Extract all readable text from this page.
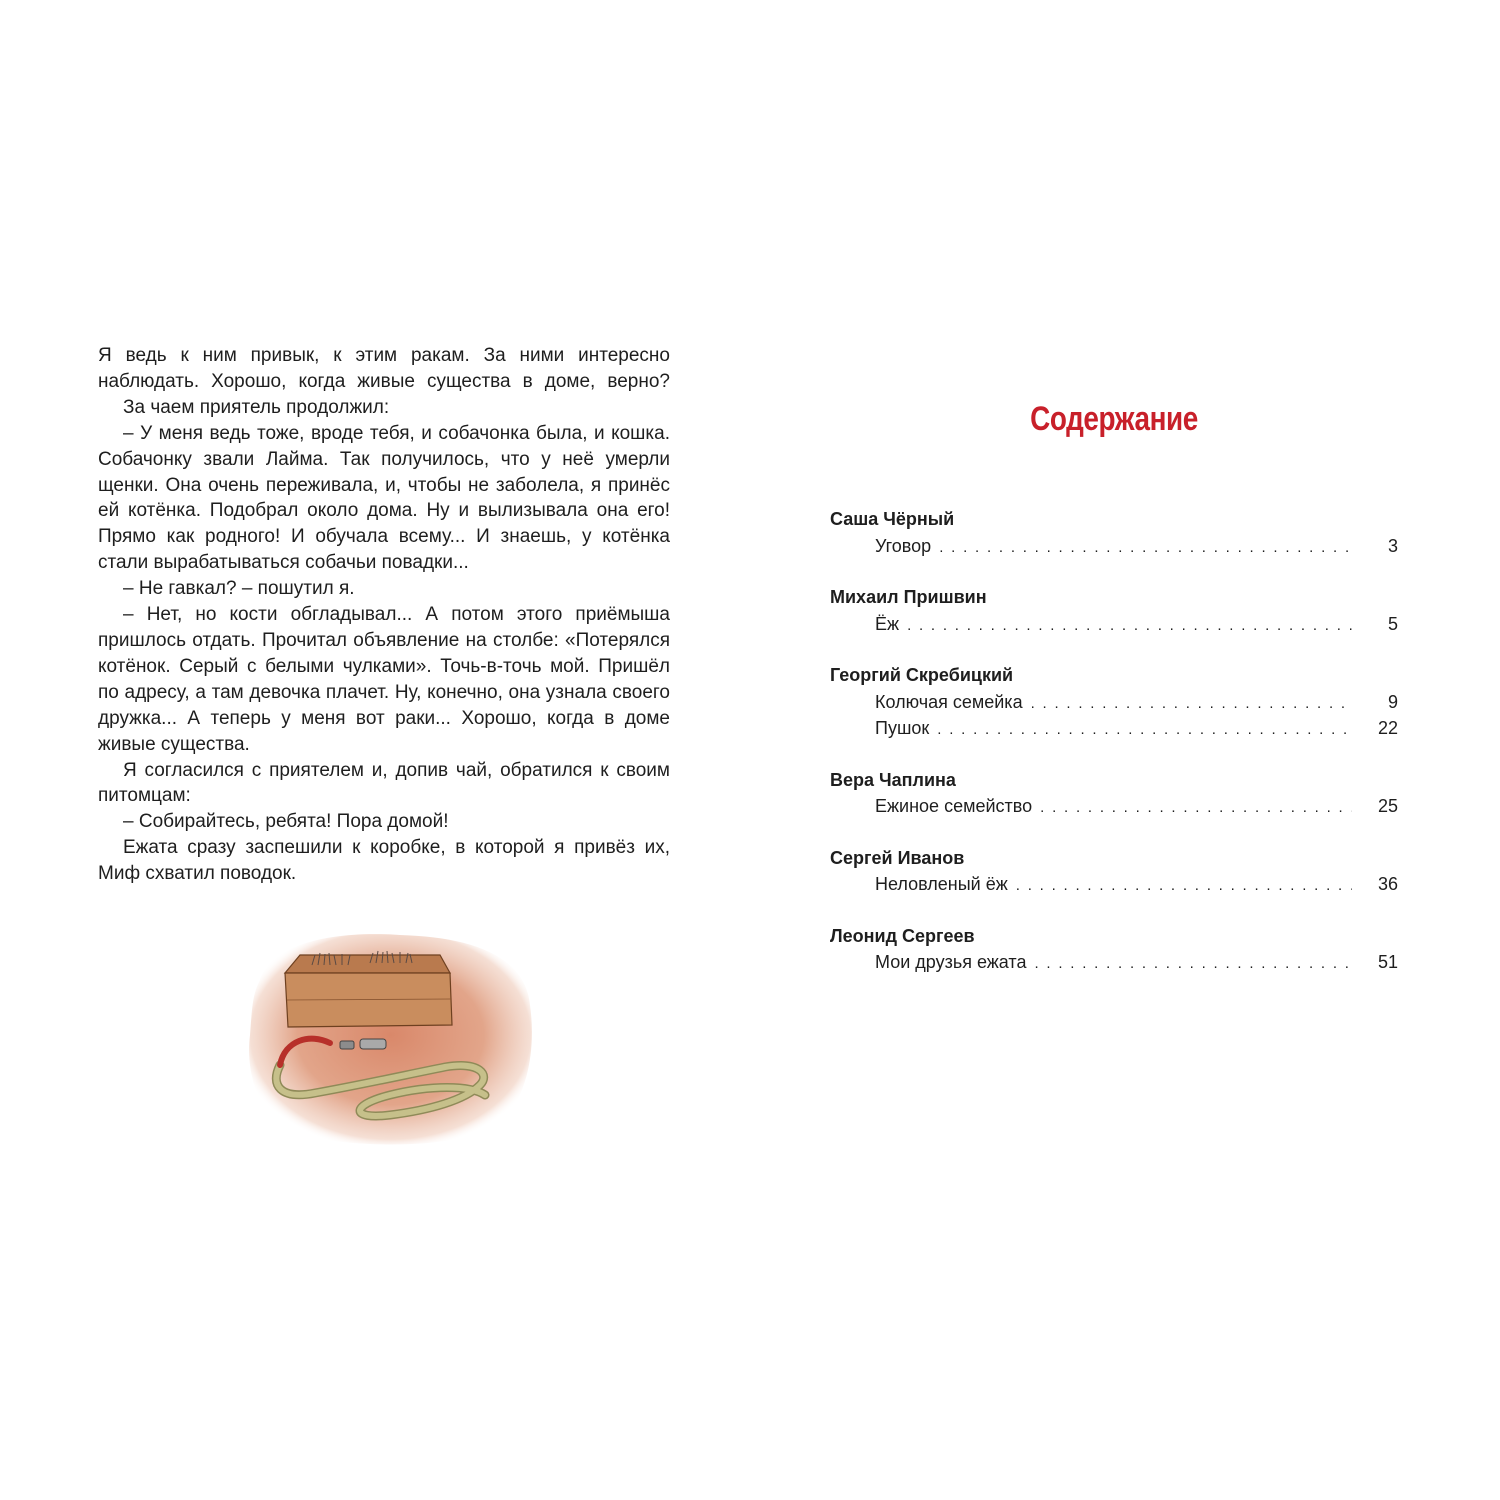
Я ведь к ним привык, к этим ракам. За ними интересно наблюдать. Хорошо, когда живые существа в доме, верно?

За чаем приятель продолжил:

– У меня ведь тоже, вроде тебя, и собачонка была, и кошка. Собачонку звали Лайма. Так получилось, что у неё умерли щенки. Она очень переживала, и, чтобы не заболела, я принёс ей котёнка. Подобрал около дома. Ну и вылизывала она его! Прямо как родного! И обучала всему... И знаешь, у котёнка стали вырабатываться собачьи повадки...

– Не гавкал? – пошутил я.

– Нет, но кости обгладывал... А потом этого приёмыша пришлось отдать. Прочитал объявление на столбе: «Потерялся котёнок. Серый с белыми чулками». Точь-в-точь мой. Пришёл по адресу, а там девочка плачет. Ну, конечно, она узнала своего дружка... А теперь у меня вот раки... Хорошо, когда в доме живые существа.

Я согласился с приятелем и, допив чай, обратился к своим питомцам:

– Собирайтесь, ребята! Пора домой!

Ежата сразу заспешили к коробке, в которой я привёз их, Миф схватил поводок.

Содержание
Саша Чёрный
Уговор . . .	3
Михаил Пришвин
Ёж . . .	5
Георгий Скребицкий
Колючая семейка . . .	9
Пушок . . .	22
Вера Чаплина
Ежиное семейство . . .	25
Сергей Иванов
Неловленый ёж . . .	36
Леонид Сергеев
Мои друзья ежата . . .	51
